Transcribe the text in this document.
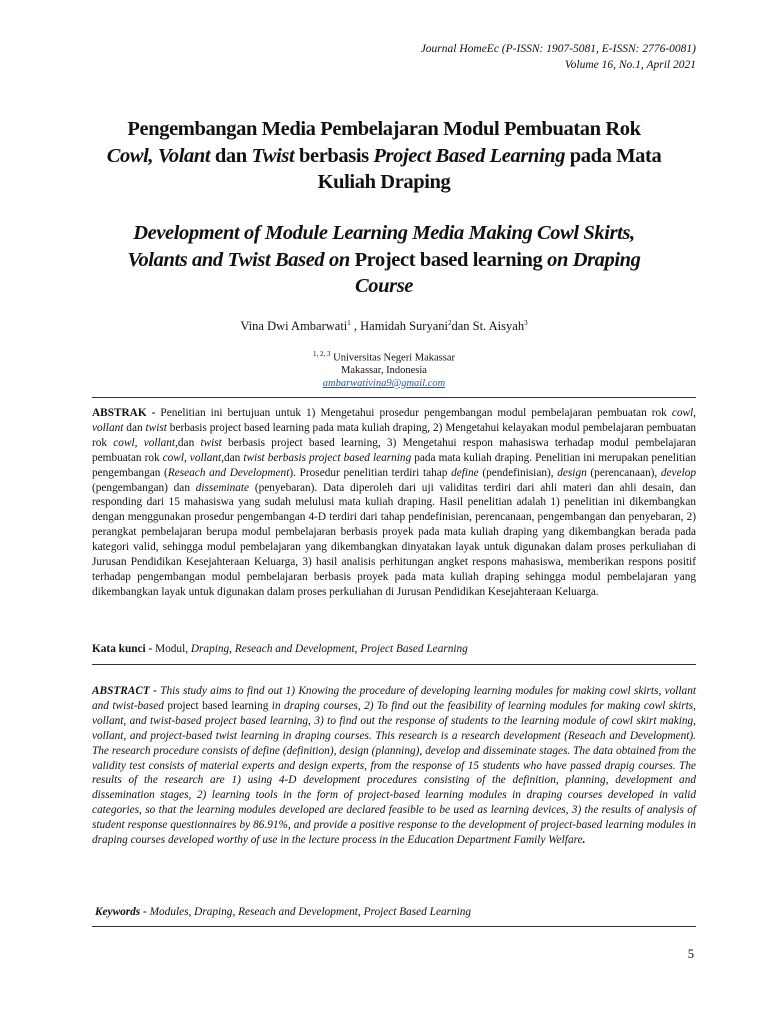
Journal HomeEc (P-ISSN: 1907-5081, E-ISSN: 2776-0081)
Volume 16, No.1, April 2021
Pengembangan Media Pembelajaran Modul Pembuatan Rok
Cowl, Volant dan Twist berbasis Project Based Learning pada Mata
Kuliah Draping
Development of Module Learning Media Making Cowl Skirts,
Volants and Twist Based on Project based learning on Draping
Course
Vina Dwi Ambarwati$^1$ , Hamidah Suryani$^2$dan St. Aisyah$^3$
$^{1, 2, 3}$ Universitas Negeri Makassar
Makassar, Indonesia
ambarwativina9@gmail.com
ABSTRAK - Penelitian ini bertujuan untuk 1) Mengetahui prosedur pengembangan modul pembelajaran pembuatan rok cowl, vollant dan twist berbasis project based learning pada mata kuliah draping, 2) Mengetahui kelayakan modul pembelajaran pembuatan rok cowl, vollant,dan twist berbasis project based learning, 3) Mengetahui respon mahasiswa terhadap modul pembelajaran pembuatan rok cowl, vollant,dan twist berbasis project based learning pada mata kuliah draping. Penelitian ini merupakan penelitian pengembangan (Reseach and Development). Prosedur penelitian terdiri tahap define (pendefinisian), design (perencanaan), develop (pengembangan) dan disseminate (penyebaran). Data diperoleh dari uji validitas terdiri dari ahli materi dan ahli desain, dan responding dari 15 mahasiswa yang sudah melulusi mata kuliah draping. Hasil penelitian adalah 1) penelitian ini dikembangkan dengan menggunakan prosedur pengembangan 4-D terdiri dari tahap pendefinisian, perencanaan, pengembangan dan penyebaran, 2) perangkat pembelajaran berupa modul pembelajaran berbasis proyek pada mata kuliah draping yang dikembangkan berada pada kategori valid, sehingga modul pembelajaran yang dikembangkan dinyatakan layak untuk digunakan dalam proses perkuliahan di Jurusan Pendidikan Kesejahteraan Keluarga, 3) hasil analisis perhitungan angket respons mahasiswa, memberikan respons positif terhadap pengembangan modul pembelajaran berbasis proyek pada mata kuliah draping sehingga modul pembelajaran yang dikembangkan layak untuk digunakan dalam proses perkuliahan di Jurusan Pendidikan Kesejahteraan Keluarga.
Kata kunci - Modul, Draping, Reseach and Development, Project Based Learning
ABSTRACT - This study aims to find out 1) Knowing the procedure of developing learning modules for making cowl skirts, vollant and twist-based project based learning in draping courses, 2) To find out the feasibility of learning modules for making cowl skirts, vollant, and twist-based project based learning, 3) to find out the response of students to the learning module of cowl skirt making, vollant, and project-based twist learning in draping courses. This research is a research development (Reseach and Development). The research procedure consists of define (definition), design (planning), develop and disseminate stages. The data obtained from the validity test consists of material experts and design experts, from the response of 15 students who have passed drapig courses. The results of the research are 1) using 4-D development procedures consisting of the definition, planning, development and dissemination stages, 2) learning tools in the form of project-based learning modules in draping courses developed in valid categories, so that the learning modules developed are declared feasible to be used as learning devices, 3) the results of analysis of student response questionnaires by 86.91%, and provide a positive response to the development of project-based learning modules in draping courses developed worthy of use in the lecture process in the Education Department Family Welfare.
Keywords - Modules, Draping, Reseach and Development, Project Based Learning
5
